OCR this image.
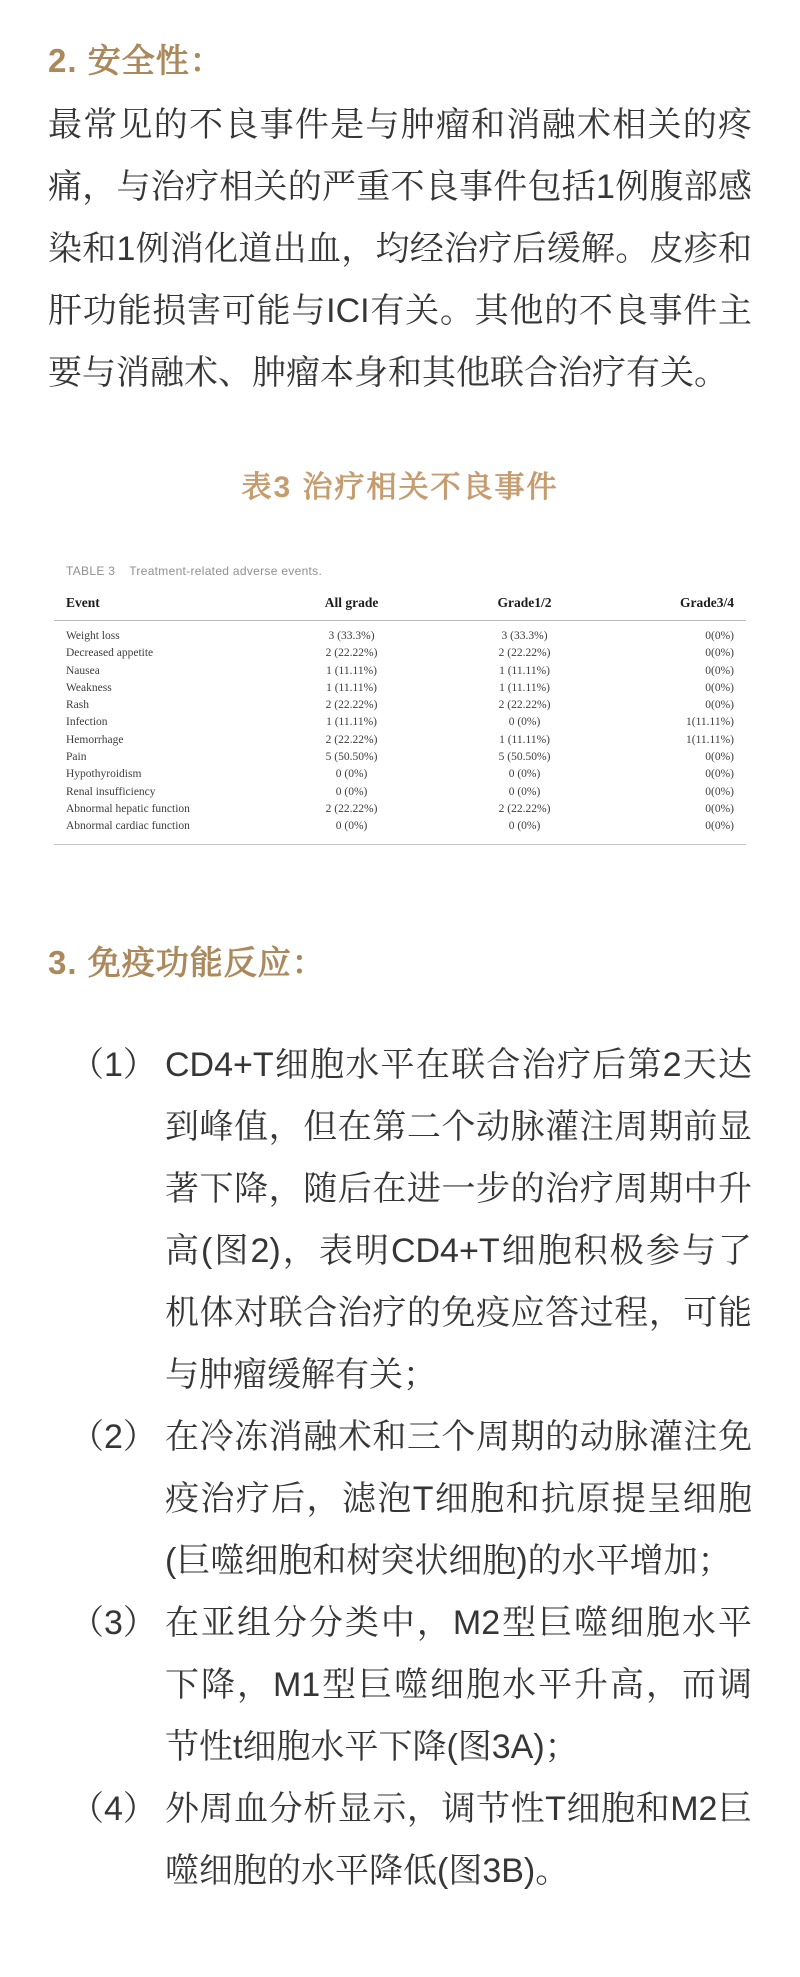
2. 安全性：

最常见的不良事件是与肿瘤和消融术相关的疼痛，与治疗相关的严重不良事件包括1例腹部感染和1例消化道出血，均经治疗后缓解。皮疹和肝功能损害可能与ICI有关。其他的不良事件主要与消融术、肿瘤本身和其他联合治疗有关。

表3 治疗相关不良事件
TABLE 3 Treatment-related adverse events.
Event	All grade	Grade1/2	Grade3/4
Weight loss	3 (33.3%)	3 (33.3%)	0(0%)
Decreased appetite	2 (22.22%)	2 (22.22%)	0(0%)
Nausea	1 (11.11%)	1 (11.11%)	0(0%)
Weakness	1 (11.11%)	1 (11.11%)	0(0%)
Rash	2 (22.22%)	2 (22.22%)	0(0%)
Infection	1 (11.11%)	0 (0%)	1(11.11%)
Hemorrhage	2 (22.22%)	1 (11.11%)	1(11.11%)
Pain	5 (50.50%)	5 (50.50%)	0(0%)
Hypothyroidism	0 (0%)	0 (0%)	0(0%)
Renal insufficiency	0 (0%)	0 (0%)	0(0%)
Abnormal hepatic function	2 (22.22%)	2 (22.22%)	0(0%)
Abnormal cardiac function	0 (0%)	0 (0%)	0(0%)
3. 免疫功能反应：
（1） CD4+T细胞水平在联合治疗后第2天达到峰值，但在第二个动脉灌注周期前显著下降，随后在进一步的治疗周期中升高(图2)，表明CD4+T细胞积极参与了机体对联合治疗的免疫应答过程，可能与肿瘤缓解有关；
（2） 在冷冻消融术和三个周期的动脉灌注免疫治疗后，滤泡T细胞和抗原提呈细胞(巨噬细胞和树突状细胞)的水平增加；
（3） 在亚组分分类中，M2型巨噬细胞水平下降，M1型巨噬细胞水平升高，而调节性t细胞水平下降(图3A)；
（4） 外周血分析显示，调节性T细胞和M2巨噬细胞的水平降低(图3B)。
